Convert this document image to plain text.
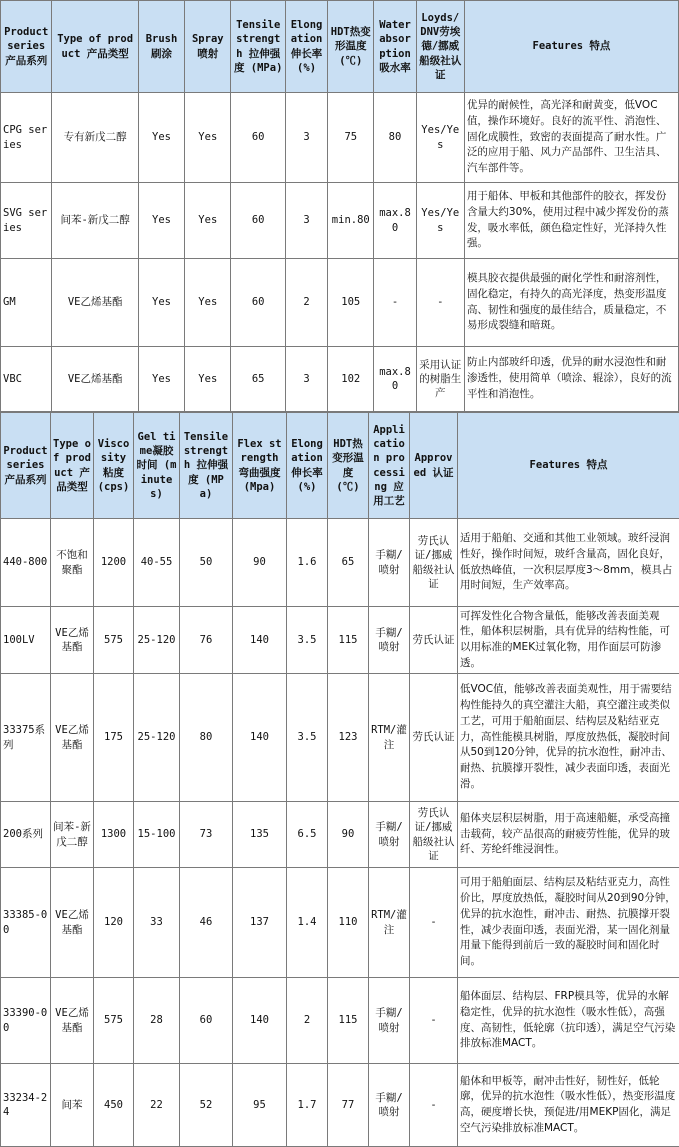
Product series 产品系列	Type of product 产品类型	Brush 刷涂	Spray 喷射	Tensile strength 拉伸强度 (MPa)	Elongation 伸长率 (%)	HDT热变形温度 (℃)	Water absorption 吸水率	Loyds/DNV劳埃德/挪威船级社认证	Features 特点
CPG series	专有新戊二醇	Yes	Yes	60	3	75	80	Yes/Yes	优异的耐候性，高光泽和耐黄变，低VOC值，操作环境好。良好的流平性、消泡性、固化成膜性，致密的表面提高了耐水性。广泛的应用于船、风力产品部件、卫生洁具、汽车部件等。
SVG series	间苯-新戊二醇	Yes	Yes	60	3	min.80	max.80	Yes/Yes	用于船体、甲板和其他部件的胶衣，挥发份含量大约30%，使用过程中减少挥发份的蒸发，吸水率低，颜色稳定性好，光泽持久性强。
GM	VE乙烯基酯	Yes	Yes	60	2	105	-	-	模具胶衣提供最强的耐化学性和耐溶剂性，固化稳定，有持久的高光泽度，热变形温度高、韧性和强度的最佳结合，质量稳定，不易形成裂缝和暗斑。
VBC	VE乙烯基酯	Yes	Yes	65	3	102	max.80	采用认证的树脂生产	防止内部玻纤印透，优异的耐水浸泡性和耐渗透性，使用简单（喷涂、辊涂），良好的流平性和消泡性。
Product series 产品系列	Type of product 产品类型	Viscosity 粘度 (cps)	Gel time凝胶时间 (minutes)	Tensile strength 拉伸强度 (MPa)	Flex strength 弯曲强度 (Mpa)	Elongation 伸长率 (%)	HDT热变形温度 (℃)	Application processing 应用工艺	Approved 认证	Features 特点
440-800	不饱和聚酯	1200	40-55	50	90	1.6	65	手糊/喷射	劳氏认证/挪威船级社认证	适用于船舶、交通和其他工业领域。玻纤浸润性好，操作时间短，玻纤含量高，固化良好，低放热峰值，一次积层厚度3～8mm，模具占用时间短，生产效率高。
100LV	VE乙烯基酯	575	25-120	76	140	3.5	115	手糊/喷射	劳氏认证	可挥发性化合物含量低，能够改善表面美观性，船体积层树脂，具有优异的结构性能，可以用标准的MEK过氧化物，用作面层可防渗透。
33375系列	VE乙烯基酯	175	25-120	80	140	3.5	123	RTM/灌注	劳氏认证	低VOC值，能够改善表面美观性，用于需要结构性能持久的真空灌注大船，真空灌注或类似工艺，可用于船舶面层、结构层及粘结亚克力，高性能模具树脂，厚度放热低，凝胶时间从50到120分钟，优异的抗水泡性，耐冲击、耐热、抗膜撑开裂性，减少表面印透，表面光滑。
200系列	间苯-新戊二醇	1300	15-100	73	135	6.5	90	手糊/喷射	劳氏认证/挪威船级社认证	船体夹层积层树脂，用于高速船艇，承受高撞击载荷，较产品很高的耐疲劳性能，优异的玻纤、芳纶纤维浸润性。
33385-00	VE乙烯基酯	120	33	46	137	1.4	110	RTM/灌注	-	可用于船舶面层、结构层及粘结亚克力，高性价比，厚度放热低，凝胶时间从20到90分钟，优异的抗水泡性，耐冲击、耐热、抗膜撑开裂性，减少表面印透，表面光滑，某一固化剂量用量下能得到前后一致的凝胶时间和固化时间。
33390-00	VE乙烯基酯	575	28	60	140	2	115	手糊/喷射	-	船体面层、结构层、FRP模具等，优异的水解稳定性，优异的抗水泡性（吸水性低），高强度、高韧性，低轮廓（抗印透），满足空气污染排放标准MACT。
33234-24	间苯	450	22	52	95	1.7	77	手糊/喷射	-	船体和甲板等，耐冲击性好，韧性好，低轮廓，优异的抗水泡性（吸水性低），热变形温度高，硬度增长快，预促进/用MEKP固化，满足空气污染排放标准MACT。
